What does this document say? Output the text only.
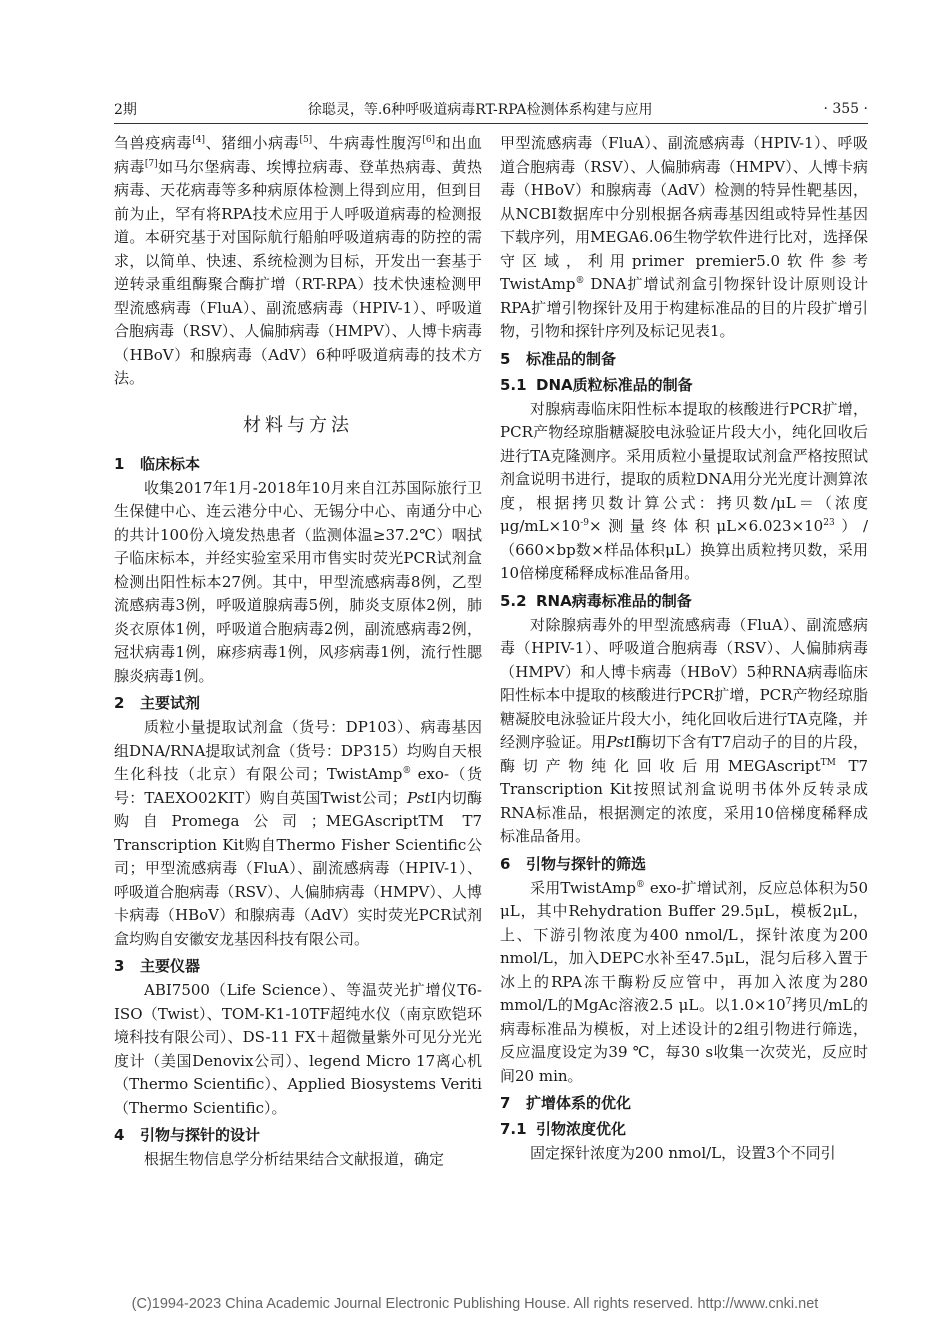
2期	徐聪灵，等.6种呼吸道病毒RT-RPA检测体系构建与应用	· 355 ·

刍兽疫病毒[4]、猪细小病毒[5]、牛病毒性腹泻[6]和出血病毒[7]如马尔堡病毒、埃博拉病毒、登革热病毒、黄热病毒、天花病毒等多种病原体检测上得到应用，但到目前为止，罕有将RPA技术应用于人呼吸道病毒的检测报道。本研究基于对国际航行船舶呼吸道病毒的防控的需求，以简单、快速、系统检测为目标，开发出一套基于逆转录重组酶聚合酶扩增（RT-RPA）技术快速检测甲型流感病毒（FluA）、副流感病毒（HPIV-1）、呼吸道合胞病毒（RSV）、人偏肺病毒（HMPV）、人博卡病毒（HBoV）和腺病毒（AdV）6种呼吸道病毒的技术方法。

材料与方法
1 临床标本

收集2017年1月-2018年10月来自江苏国际旅行卫生保健中心、连云港分中心、无锡分中心、南通分中心的共计100份入境发热患者（监测体温≥37.2℃）咽拭子临床标本，并经实验室采用市售实时荧光PCR试剂盒检测出阳性标本27例。其中，甲型流感病毒8例，乙型流感病毒3例，呼吸道腺病毒5例，肺炎支原体2例，肺炎衣原体1例，呼吸道合胞病毒2例，副流感病毒2例，冠状病毒1例，麻疹病毒1例，风疹病毒1例，流行性腮腺炎病毒1例。

2 主要试剂

质粒小量提取试剂盒（货号：DP103）、病毒基因组DNA/RNA提取试剂盒（货号：DP315）均购自天根生化科技（北京）有限公司；TwistAmp® exo-（货号：TAEXO02KIT）购自英国Twist公司；PstI内切酶购自Promega公司；MEGAscriptTM T7 Transcription Kit购自Thermo Fisher Scientific公司；甲型流感病毒（FluA）、副流感病毒（HPIV-1）、呼吸道合胞病毒（RSV）、人偏肺病毒（HMPV）、人博卡病毒（HBoV）和腺病毒（AdV）实时荧光PCR试剂盒均购自安徽安龙基因科技有限公司。

3 主要仪器

ABI7500（Life Science）、等温荧光扩增仪T6-ISO（Twist）、TOM-K1-10TF超纯水仪（南京欧铠环境科技有限公司）、DS-11 FX＋超微量紫外可见分光光度计（美国Denovix公司）、legend Micro 17离心机（Thermo Scientific）、Applied Biosystems Veriti（Thermo Scientific）。

4 引物与探针的设计

根据生物信息学分析结果结合文献报道，确定

甲型流感病毒（FluA）、副流感病毒（HPIV-1）、呼吸道合胞病毒（RSV）、人偏肺病毒（HMPV）、人博卡病毒（HBoV）和腺病毒（AdV）检测的特异性靶基因，从NCBI数据库中分别根据各病毒基因组或特异性基因下载序列，用MEGA6.06生物学软件进行比对，选择保守区域，利用primer premier5.0软件参考TwistAmp® DNA扩增试剂盒引物探针设计原则设计RPA扩增引物探针及用于构建标准品的目的片段扩增引物，引物和探针序列及标记见表1。

5 标准品的制备
5.1 DNA质粒标准品的制备

对腺病毒临床阳性标本提取的核酸进行PCR扩增，PCR产物经琼脂糖凝胶电泳验证片段大小，纯化回收后进行TA克隆测序。采用质粒小量提取试剂盒严格按照试剂盒说明书进行，提取的质粒DNA用分光光度计测算浓度，根据拷贝数计算公式：拷贝数/μL＝（浓度$\mu g/mL\times 10^{-9}\times$测量终体积$\mu L\times 6.023\times 10^{23})/(660\times bp$数×样品体积μL）换算出质粒拷贝数，采用10倍梯度稀释成标准品备用。

5.2 RNA病毒标准品的制备

对除腺病毒外的甲型流感病毒（FluA）、副流感病毒（HPIV-1）、呼吸道合胞病毒（RSV）、人偏肺病毒（HMPV）和人博卡病毒（HBoV）5种RNA病毒临床阳性标本中提取的核酸进行PCR扩增，PCR产物经琼脂糖凝胶电泳验证片段大小，纯化回收后进行TA克隆，并经测序验证。用PstI酶切下含有T7启动子的目的片段，酶切产物纯化回收后用MEGAscript™ T7 Transcription Kit按照试剂盒说明书体外反转录成RNA标准品，根据测定的浓度，采用10倍梯度稀释成标准品备用。

6 引物与探针的筛选

采用TwistAmp® exo-扩增试剂，反应总体积为50 μL，其中Rehydration Buffer 29.5μL，模板2μL，上、下游引物浓度为400 nmol/L，探针浓度为200 nmol/L，加入DEPC水补至47.5μL，混匀后移入置于冰上的RPA冻干酶粉反应管中，再加入浓度为280 mmol/L的MgAc溶液2.5 μL。以$1.0\times 10^7$拷贝/mL的病毒标准品为模板，对上述设计的2组引物进行筛选，反应温度设定为39 ℃，每30 s收集一次荧光，反应时间20 min。

7 扩增体系的优化
7.1 引物浓度优化

固定探针浓度为200 nmol/L，设置3个不同引

(C)1994-2023 China Academic Journal Electronic Publishing House. All rights reserved. http://www.cnki.net
